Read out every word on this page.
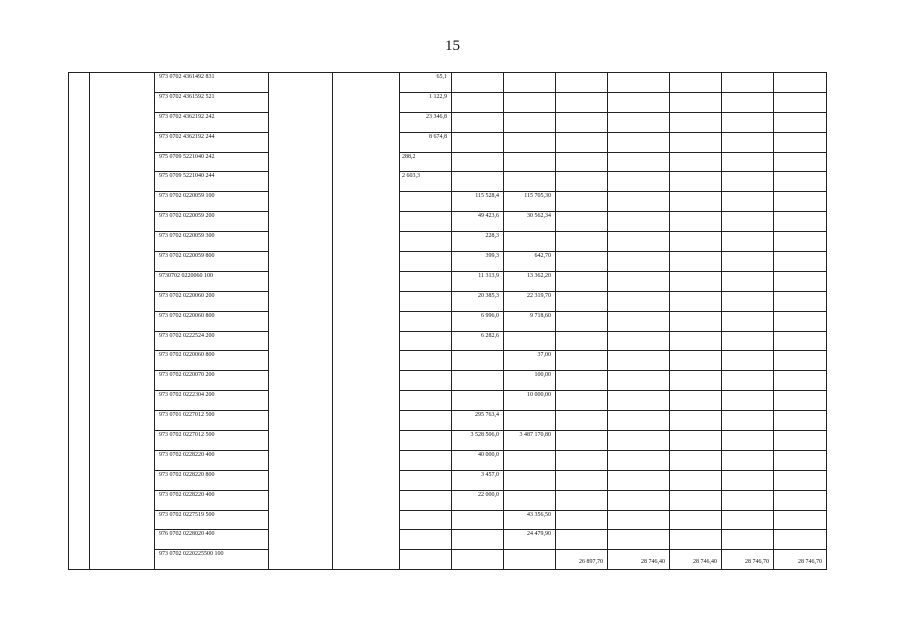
15
		973 0702 4361492 831			65,1							
		973 0702 4361592 521			1 122,9							
		973 0702 4362192 242			23 346,8							
		973 0702 4362192 244			8 674,8							
		975 0709 5221040 242			288,2							
		975 0709 5221040 244			2 603,3							
		973 0702 0220059 100				115 528,4	115 705,30					
		973 0702 0220059 200				49 423,6	30 562,34					
		973 0702 0220059 300				228,3						
		973 0702 0220059 800				399,3	642,70					
		9730702 0220060 100				11 313,9	13 362,20					
		973 0702 0220060 200				20 385,3	22 319,70					
		973 0702 0220060 800				6 996,0	9 718,60					
		973 0702 0222524 200				6 282,6						
		973 0702 0220060 800					37,00					
		973 0702 0220070 200					100,00					
		973 0702 0222304 200					10 000,00					
		973 0701 0227012 500				295 763,4						
		973 0702 0227012 500				3 528 506,0	3 487 170,80					
		973 0702 0228220 400				40 000,0						
		973 0702 0228220 800				3 457,0						
		973 0702 0228220 400				22 000,0						
		973 0702 0227519 500					43 356,50					
		976 0702 0228020 400					24 479,90					
		973 0702 0220225500 100						26 897,70	28 746,40	28 746,40	28 746,70	28 746,70
